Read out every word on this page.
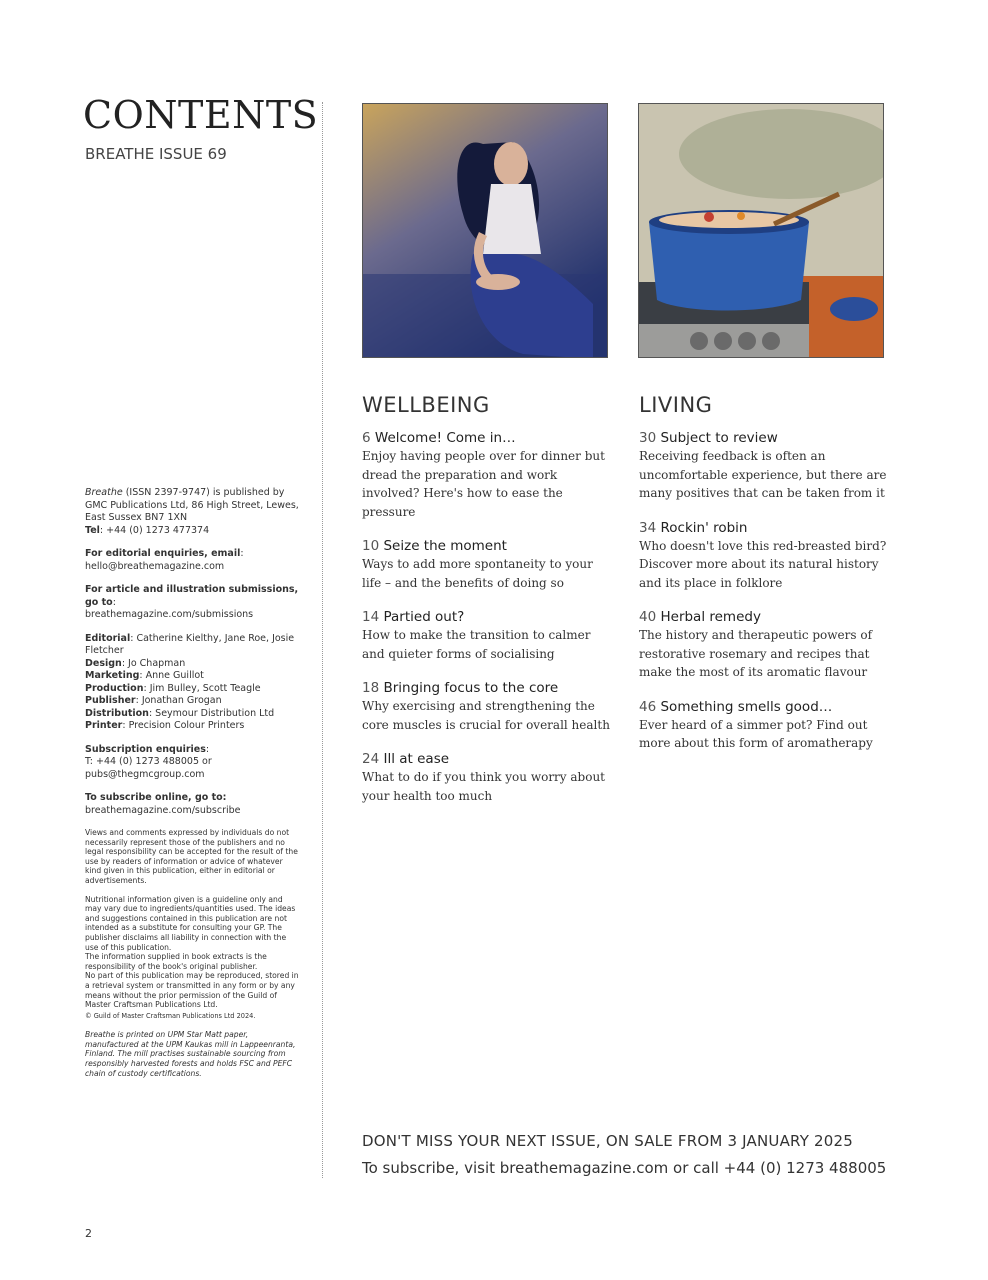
CONTENTS
BREATHE ISSUE 69

Breathe (ISSN 2397-9747) is published by GMC Publications Ltd, 86 High Street, Lewes, East Sussex BN7 1XN
Tel: +44 (0) 1273 477374

For editorial enquiries, email:
hello@breathemagazine.com

For article and illustration submissions, go to:
breathemagazine.com/submissions

Editorial: Catherine Kielthy, Jane Roe, Josie Fletcher
Design: Jo Chapman
Marketing: Anne Guillot
Production: Jim Bulley, Scott Teagle
Publisher: Jonathan Grogan
Distribution: Seymour Distribution Ltd
Printer: Precision Colour Printers

Subscription enquiries:
T: +44 (0) 1273 488005 or pubs@thegmcgroup.com

To subscribe online, go to:
breathemagazine.com/subscribe

Views and comments expressed by individuals do not necessarily represent those of the publishers and no legal responsibility can be accepted for the result of the use by readers of information or advice of whatever kind given in this publication, either in editorial or advertisements.

Nutritional information given is a guideline only and may vary due to ingredients/quantities used. The ideas and suggestions contained in this publication are not intended as a substitute for consulting your GP. The publisher disclaims all liability in connection with the use of this publication.
The information supplied in book extracts is the responsibility of the book's original publisher.
No part of this publication may be reproduced, stored in a retrieval system or transmitted in any form or by any means without the prior permission of the Guild of Master Craftsman Publications Ltd.
© Guild of Master Craftsman Publications Ltd 2024.

Breathe is printed on UPM Star Matt paper, manufactured at the UPM Kaukas mill in Lappeenranta, Finland. The mill practises sustainable sourcing from responsibly harvested forests and holds FSC and PEFC chain of custody certifications.

2
WELLBEING
6 Welcome! Come in…
Enjoy having people over for dinner but dread the preparation and work involved? Here's how to ease the pressure
10 Seize the moment
Ways to add more spontaneity to your life – and the benefits of doing so
14 Partied out?
How to make the transition to calmer and quieter forms of socialising
18 Bringing focus to the core
Why exercising and strengthening the core muscles is crucial for overall health
24 Ill at ease
What to do if you think you worry about your health too much
LIVING
30 Subject to review
Receiving feedback is often an uncomfortable experience, but there are many positives that can be taken from it
34 Rockin' robin
Who doesn't love this red-breasted bird? Discover more about its natural history and its place in folklore
40 Herbal remedy
The history and therapeutic powers of restorative rosemary and recipes that make the most of its aromatic flavour
46 Something smells good…
Ever heard of a simmer pot? Find out more about this form of aromatherapy
DON'T MISS YOUR NEXT ISSUE, ON SALE FROM 3 JANUARY 2025
To subscribe, visit breathemagazine.com or call +44 (0) 1273 488005
